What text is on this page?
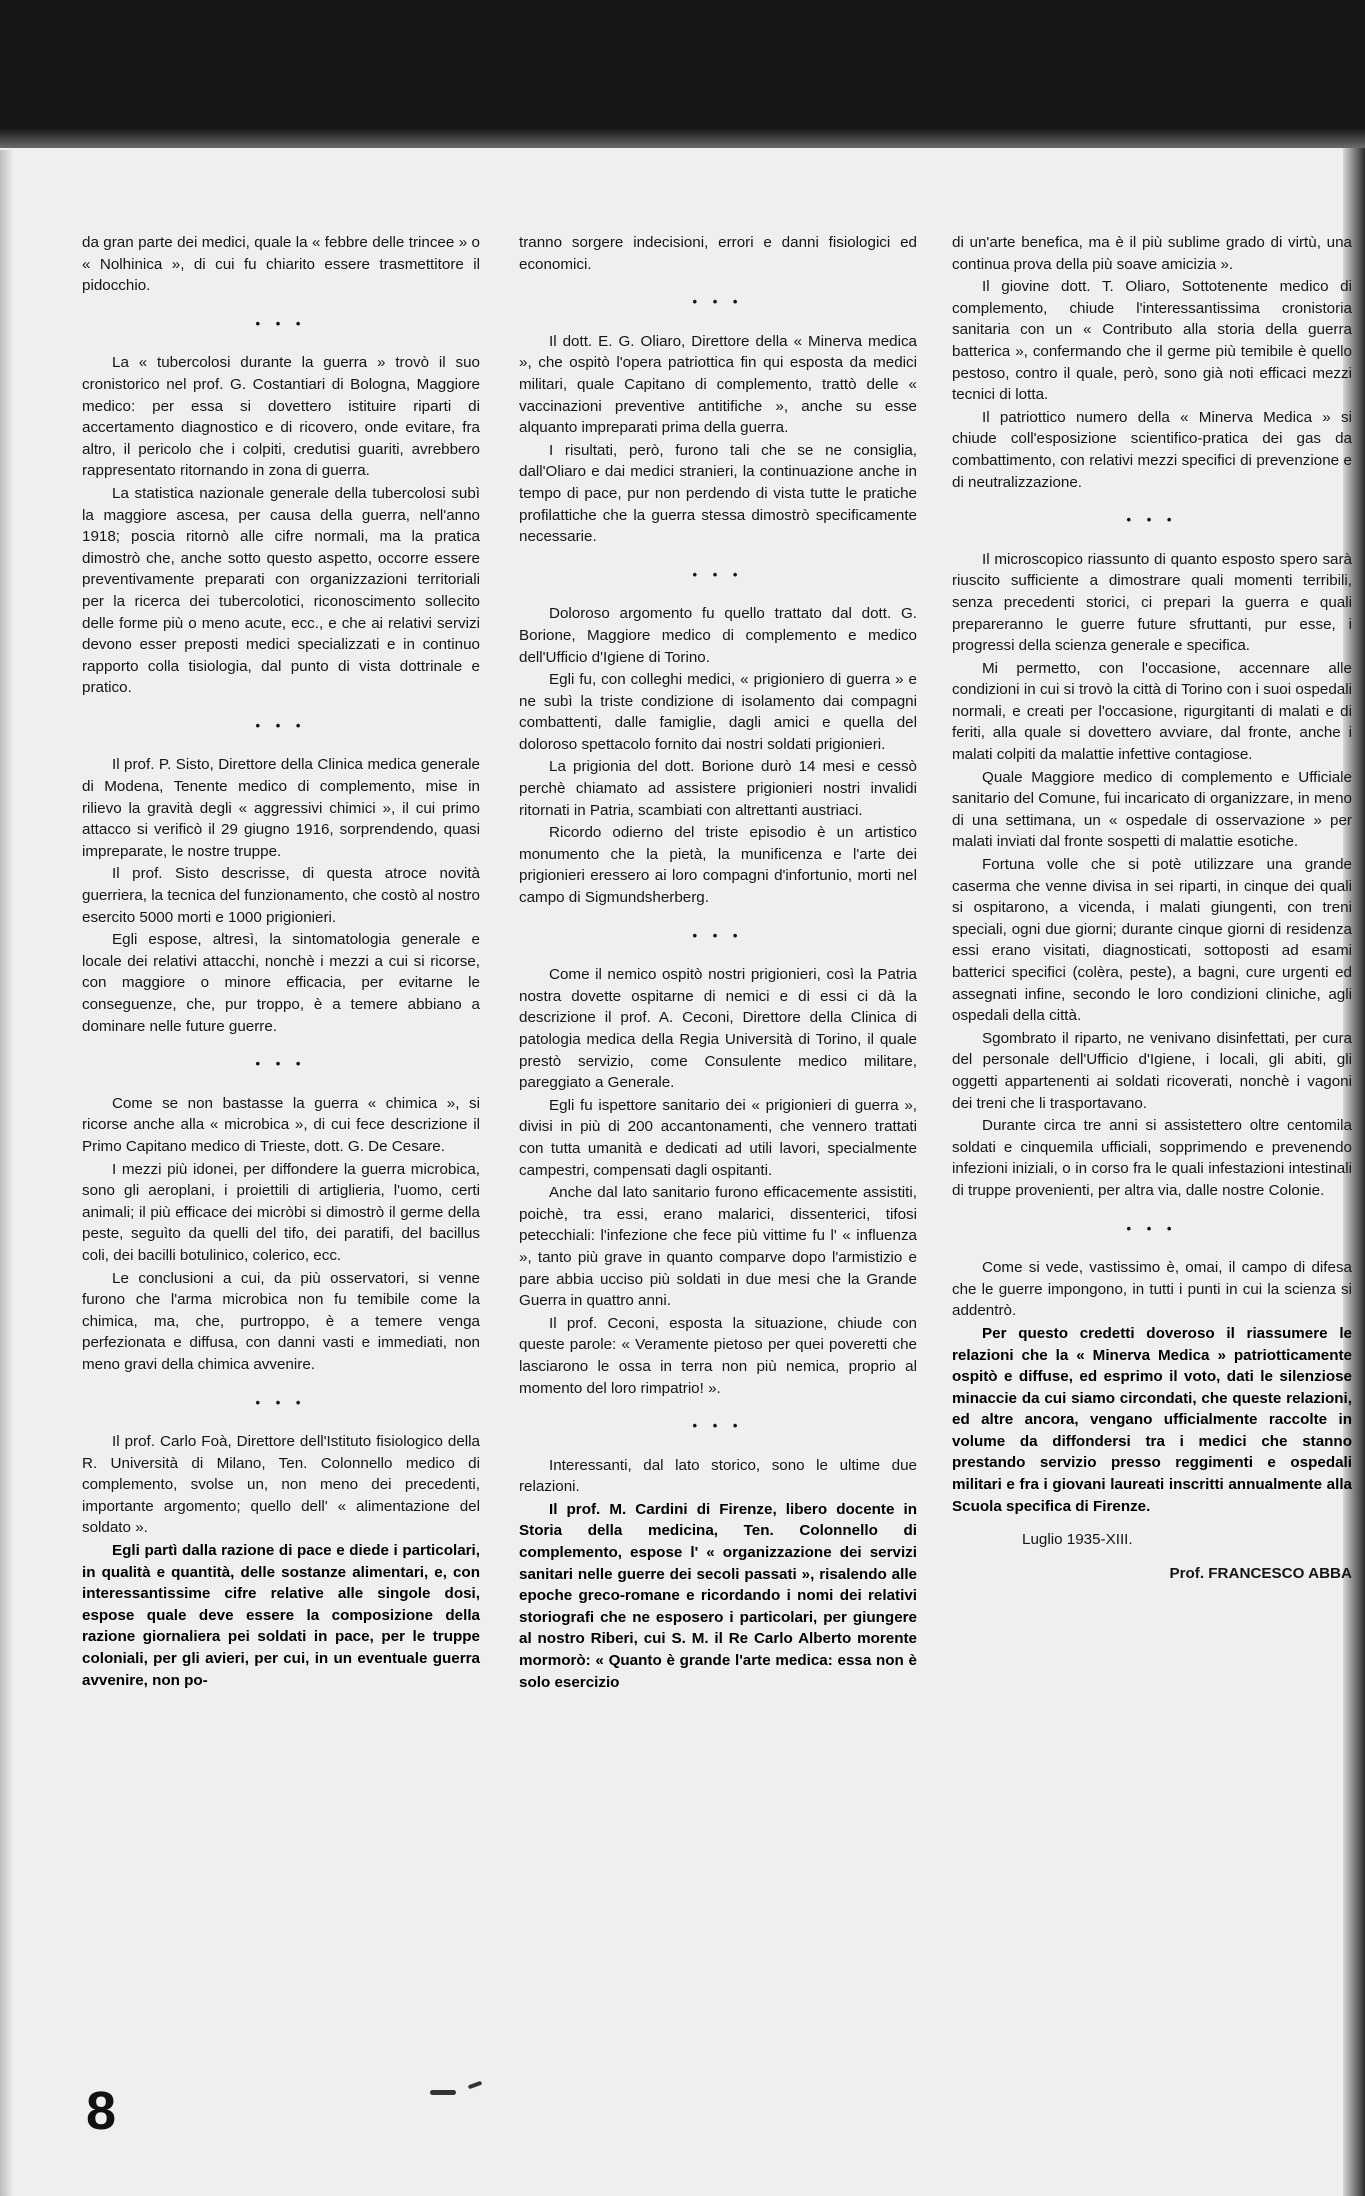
da gran parte dei medici, quale la « febbre delle trincee » o « Nolhinica », di cui fu chiarito essere trasmettitore il pidocchio.

• • •

La « tubercolosi durante la guerra » trovò il suo cronistorico nel prof. G. Costantiari di Bologna, Maggiore medico: per essa si dovettero istituire riparti di accertamento diagnostico e di ricovero, onde evitare, fra altro, il pericolo che i colpiti, credutisi guariti, avrebbero rappresentato ritornando in zona di guerra.

La statistica nazionale generale della tubercolosi subì la maggiore ascesa, per causa della guerra, nell'anno 1918; poscia ritornò alle cifre normali, ma la pratica dimostrò che, anche sotto questo aspetto, occorre essere preventivamente preparati con organizzazioni territoriali per la ricerca dei tubercolotici, riconoscimento sollecito delle forme più o meno acute, ecc., e che ai relativi servizi devono esser preposti medici specializzati e in continuo rapporto colla tisiologia, dal punto di vista dottrinale e pratico.

• • •

Il prof. P. Sisto, Direttore della Clinica medica generale di Modena, Tenente medico di complemento, mise in rilievo la gravità degli « aggressivi chimici », il cui primo attacco si verificò il 29 giugno 1916, sorprendendo, quasi impreparate, le nostre truppe.

Il prof. Sisto descrisse, di questa atroce novità guerriera, la tecnica del funzionamento, che costò al nostro esercito 5000 morti e 1000 prigionieri.

Egli espose, altresì, la sintomatologia generale e locale dei relativi attacchi, nonchè i mezzi a cui si ricorse, con maggiore o minore efficacia, per evitarne le conseguenze, che, pur troppo, è a temere abbiano a dominare nelle future guerre.

• • •

Come se non bastasse la guerra « chimica », si ricorse anche alla « microbica », di cui fece descrizione il Primo Capitano medico di Trieste, dott. G. De Cesare.

I mezzi più idonei, per diffondere la guerra microbica, sono gli aeroplani, i proiettili di artiglieria, l'uomo, certi animali; il più efficace dei micròbi si dimostrò il germe della peste, seguìto da quelli del tifo, dei paratifi, del bacillus coli, dei bacilli botulinico, colerico, ecc.

Le conclusioni a cui, da più osservatori, si venne furono che l'arma microbica non fu temibile come la chimica, ma, che, purtroppo, è a temere venga perfezionata e diffusa, con danni vasti e immediati, non meno gravi della chimica avvenire.

• • •

Il prof. Carlo Foà, Direttore dell'Istituto fisiologico della R. Università di Milano, Ten. Colonnello medico di complemento, svolse un, non meno dei precedenti, importante argomento; quello dell' « alimentazione del soldato ».

Egli partì dalla razione di pace e diede i particolari, in qualità e quantità, delle sostanze alimentari, e, con interessantissime cifre relative alle singole dosi, espose quale deve essere la composizione della razione giornaliera pei soldati in pace, per le truppe coloniali, per gli avieri, per cui, in un eventuale guerra avvenire, non po-

tranno sorgere indecisioni, errori e danni fisiologici ed economici.

• • •

Il dott. E. G. Oliaro, Direttore della « Minerva medica », che ospitò l'opera patriottica fin qui esposta da medici militari, quale Capitano di complemento, trattò delle « vaccinazioni preventive antitifiche », anche su esse alquanto impreparati prima della guerra.

I risultati, però, furono tali che se ne consiglia, dall'Oliaro e dai medici stranieri, la continuazione anche in tempo di pace, pur non perdendo di vista tutte le pratiche profilattiche che la guerra stessa dimostrò specificamente necessarie.

• • •

Doloroso argomento fu quello trattato dal dott. G. Borione, Maggiore medico di complemento e medico dell'Ufficio d'Igiene di Torino.

Egli fu, con colleghi medici, « prigioniero di guerra » e ne subì la triste condizione di isolamento dai compagni combattenti, dalle famiglie, dagli amici e quella del doloroso spettacolo fornito dai nostri soldati prigionieri.

La prigionia del dott. Borione durò 14 mesi e cessò perchè chiamato ad assistere prigionieri nostri invalidi ritornati in Patria, scambiati con altrettanti austriaci.

Ricordo odierno del triste episodio è un artistico monumento che la pietà, la munificenza e l'arte dei prigionieri eressero ai loro compagni d'infortunio, morti nel campo di Sigmundsherberg.

• • •

Come il nemico ospitò nostri prigionieri, così la Patria nostra dovette ospitarne di nemici e di essi ci dà la descrizione il prof. A. Ceconi, Direttore della Clinica di patologia medica della Regia Università di Torino, il quale prestò servizio, come Consulente medico militare, pareggiato a Generale.

Egli fu ispettore sanitario dei « prigionieri di guerra », divisi in più di 200 accantonamenti, che vennero trattati con tutta umanità e dedicati ad utili lavori, specialmente campestri, compensati dagli ospitanti.

Anche dal lato sanitario furono efficacemente assistiti, poichè, tra essi, erano malarici, dissenterici, tifosi petecchiali: l'infezione che fece più vittime fu l' « influenza », tanto più grave in quanto comparve dopo l'armistizio e pare abbia ucciso più soldati in due mesi che la Grande Guerra in quattro anni.

Il prof. Ceconi, esposta la situazione, chiude con queste parole: « Veramente pietoso per quei poveretti che lasciarono le ossa in terra non più nemica, proprio al momento del loro rimpatrio! ».

• • •

Interessanti, dal lato storico, sono le ultime due relazioni.

Il prof. M. Cardini di Firenze, libero docente in Storia della medicina, Ten. Colonnello di complemento, espose l' « organizzazione dei servizi sanitari nelle guerre dei secoli passati », risalendo alle epoche greco-romane e ricordando i nomi dei relativi storiografi che ne esposero i particolari, per giungere al nostro Riberi, cui S. M. il Re Carlo Alberto morente mormorò: « Quanto è grande l'arte medica: essa non è solo esercizio

di un'arte benefica, ma è il più sublime grado di virtù, una continua prova della più soave amicizia ».

Il giovine dott. T. Oliaro, Sottotenente medico di complemento, chiude l'interessantissima cronistoria sanitaria con un « Contributo alla storia della guerra batterica », confermando che il germe più temibile è quello pestoso, contro il quale, però, sono già noti efficaci mezzi tecnici di lotta.

Il patriottico numero della « Minerva Medica » si chiude coll'esposizione scientifico-pratica dei gas da combattimento, con relativi mezzi specifici di prevenzione e di neutralizzazione.

• • •

Il microscopico riassunto di quanto esposto spero sarà riuscito sufficiente a dimostrare quali momenti terribili, senza precedenti storici, ci prepari la guerra e quali prepareranno le guerre future sfruttanti, pur esse, i progressi della scienza generale e specifica.

Mi permetto, con l'occasione, accennare alle condizioni in cui si trovò la città di Torino con i suoi ospedali normali, e creati per l'occasione, rigurgitanti di malati e di feriti, alla quale si dovettero avviare, dal fronte, anche i malati colpiti da malattie infettive contagiose.

Quale Maggiore medico di complemento e Ufficiale sanitario del Comune, fui incaricato di organizzare, in meno di una settimana, un « ospedale di osservazione » per malati inviati dal fronte sospetti di malattie esotiche.

Fortuna volle che si potè utilizzare una grande caserma che venne divisa in sei riparti, in cinque dei quali si ospitarono, a vicenda, i malati giungenti, con treni speciali, ogni due giorni; durante cinque giorni di residenza essi erano visitati, diagnosticati, sottoposti ad esami batterici specifici (colèra, peste), a bagni, cure urgenti ed assegnati infine, secondo le loro condizioni cliniche, agli ospedali della città.

Sgombrato il riparto, ne venivano disinfettati, per cura del personale dell'Ufficio d'Igiene, i locali, gli abiti, gli oggetti appartenenti ai soldati ricoverati, nonchè i vagoni dei treni che li trasportavano.

Durante circa tre anni si assistettero oltre centomila soldati e cinquemila ufficiali, sopprimendo e prevenendo infezioni iniziali, o in corso fra le quali infestazioni intestinali di truppe provenienti, per altra via, dalle nostre Colonie.

• • •

Come si vede, vastissimo è, omai, il campo di difesa che le guerre impongono, in tutti i punti in cui la scienza si addentrò.

Per questo credetti doveroso il riassumere le relazioni che la « Minerva Medica » patriotticamente ospitò e diffuse, ed esprimo il voto, dati le silenziose minaccie da cui siamo circondati, che queste relazioni, ed altre ancora, vengano ufficialmente raccolte in volume da diffondersi tra i medici che stanno prestando servizio presso reggimenti e ospedali militari e fra i giovani laureati inscritti annualmente alla Scuola specifica di Firenze.

Luglio 1935-XIII.

Prof. FRANCESCO ABBA

8
